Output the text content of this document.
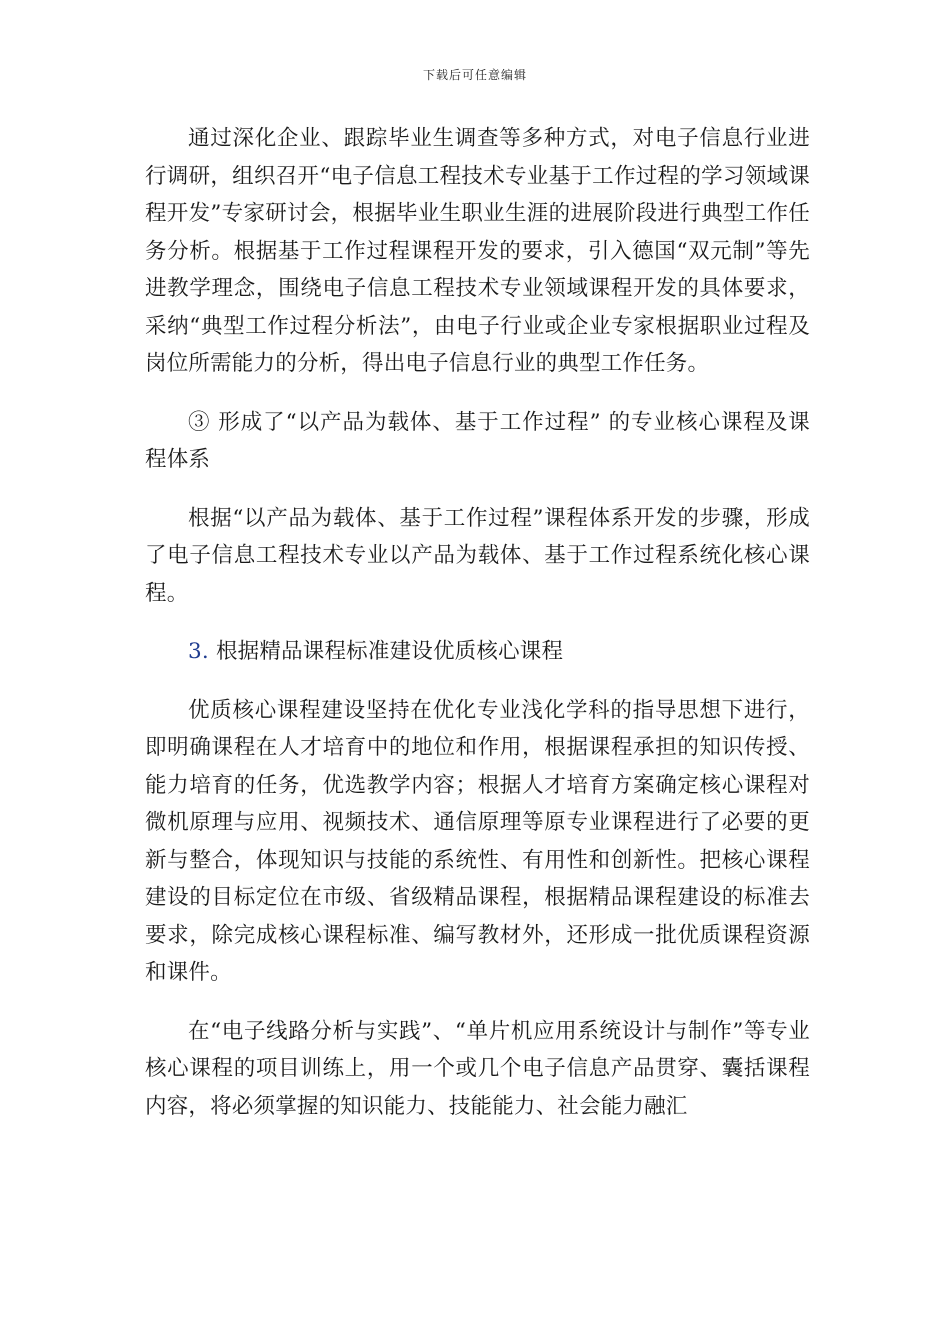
下载后可任意编辑

通过深化企业、跟踪毕业生调查等多种方式，对电子信息行业进行调研，组织召开“电子信息工程技术专业基于工作过程的学习领域课程开发”专家研讨会，根据毕业生职业生涯的进展阶段进行典型工作任务分析。根据基于工作过程课程开发的要求，引入德国“双元制”等先进教学理念，围绕电子信息工程技术专业领域课程开发的具体要求，采纳“典型工作过程分析法”，由电子行业或企业专家根据职业过程及岗位所需能力的分析，得出电子信息行业的典型工作任务。

③ 形成了“以产品为载体、基于工作过程” 的专业核心课程及课程体系

根据“以产品为载体、基于工作过程”课程体系开发的步骤，形成了电子信息工程技术专业以产品为载体、基于工作过程系统化核心课程。

3. 根据精品课程标准建设优质核心课程

优质核心课程建设坚持在优化专业浅化学科的指导思想下进行，即明确课程在人才培育中的地位和作用，根据课程承担的知识传授、能力培育的任务，优选教学内容；根据人才培育方案确定核心课程对微机原理与应用、视频技术、通信原理等原专业课程进行了必要的更新与整合，体现知识与技能的系统性、有用性和创新性。把核心课程建设的目标定位在市级、省级精品课程，根据精品课程建设的标准去要求，除完成核心课程标准、编写教材外，还形成一批优质课程资源和课件。

在“电子线路分析与实践”、“单片机应用系统设计与制作”等专业核心课程的项目训练上，用一个或几个电子信息产品贯穿、囊括课程内容，将必须掌握的知识能力、技能能力、社会能力融汇
